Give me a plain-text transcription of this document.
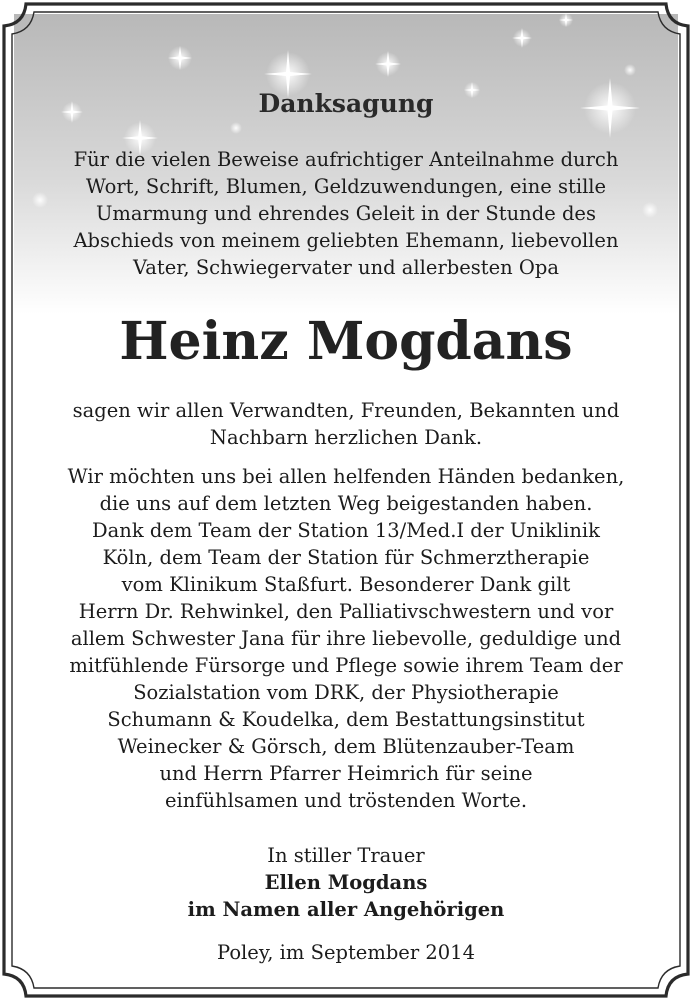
Danksagung
Für die vielen Beweise aufrichtiger Anteilnahme durch
Wort, Schrift, Blumen, Geldzuwendungen, eine stille
Umarmung und ehrendes Geleit in der Stunde des
Abschieds von meinem geliebten Ehemann, liebevollen
Vater, Schwiegervater und allerbesten Opa
Heinz Mogdans
sagen wir allen Verwandten, Freunden, Bekannten und
Nachbarn herzlichen Dank.
Wir möchten uns bei allen helfenden Händen bedanken,
die uns auf dem letzten Weg beigestanden haben.
Dank dem Team der Station 13/Med.I der Uniklinik
Köln, dem Team der Station für Schmerztherapie
vom Klinikum Staßfurt. Besonderer Dank gilt
Herrn Dr. Rehwinkel, den Palliativschwestern und vor
allem Schwester Jana für ihre liebevolle, geduldige und
mitfühlende Fürsorge und Pflege sowie ihrem Team der
Sozialstation vom DRK, der Physiotherapie
Schumann & Koudelka, dem Bestattungsinstitut
Weinecker & Görsch, dem Blütenzauber-Team
und Herrn Pfarrer Heimrich für seine
einfühlsamen und tröstenden Worte.
In stiller Trauer
Ellen Mogdans
im Namen aller Angehörigen
Poley, im September 2014
